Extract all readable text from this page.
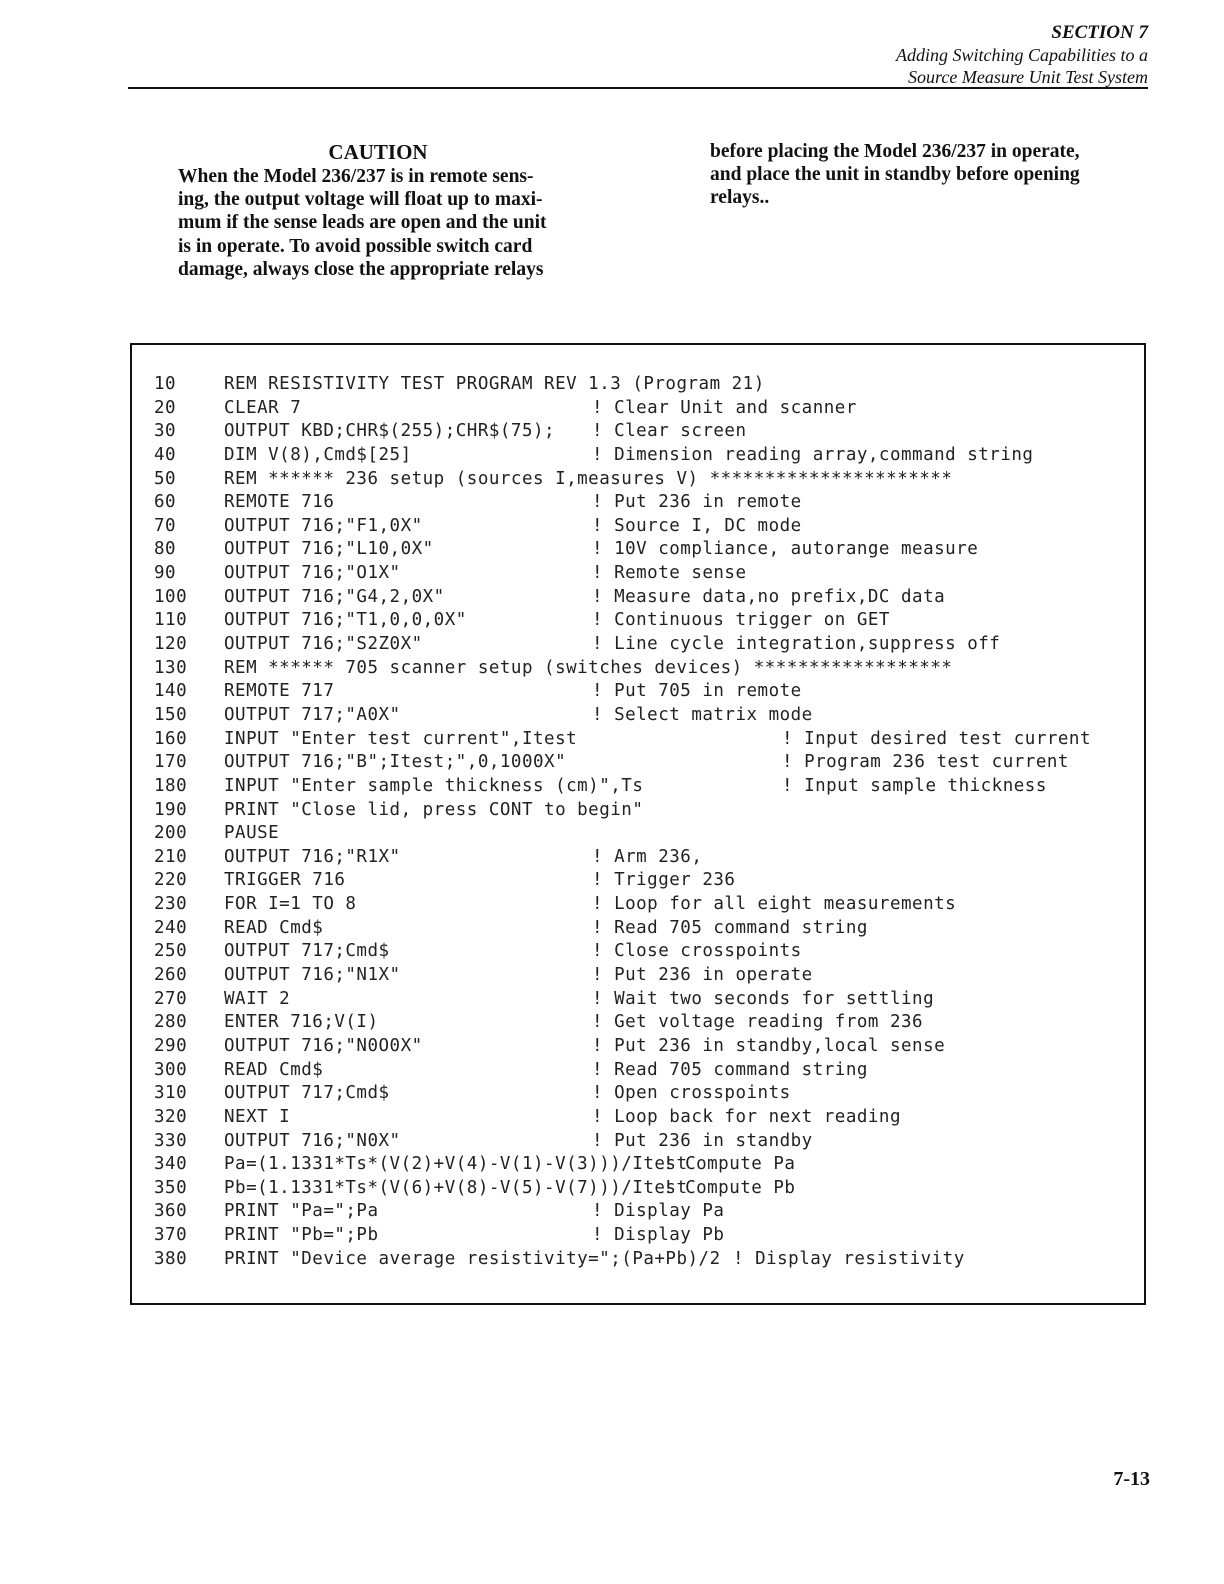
SECTION 7
Adding Switching Capabilities to a
Source Measure Unit Test System
CAUTION
When the Model 236/237 is in remote sens-
ing, the output voltage will float up to maxi-
mum if the sense leads are open and the unit
is in operate. To avoid possible switch card
damage, always close the appropriate relays
before placing the Model 236/237 in operate,
and place the unit in standby before opening
relays..
10	REM RESISTIVITY TEST PROGRAM REV 1.3 (Program 21)
20	CLEAR 7	! Clear Unit and scanner
30	OUTPUT KBD;CHR$(255);CHR$(75); ! Clear screen
40	DIM V(8),Cmd$[25]	! Dimension reading array,command string
50	REM ****** 236 setup (sources I,measures V) **********************
60	REMOTE 716	! Put 236 in remote
70	OUTPUT 716;"F1,0X"	! Source I, DC mode
80	OUTPUT 716;"L10,0X"	! 10V compliance, autorange measure
90	OUTPUT 716;"O1X"	! Remote sense
100 OUTPUT 716;"G4,2,0X"	! Measure data,no prefix,DC data
110 OUTPUT 716;"T1,0,0,0X"	! Continuous trigger on GET
120 OUTPUT 716;"S2Z0X"	! Line cycle integration,suppress off
130 REM ****** 705 scanner setup (switches devices) ******************
140 REMOTE 717	! Put 705 in remote
150 OUTPUT 717;"A0X"	! Select matrix mode
160 INPUT "Enter test current",Itest	! Input desired test current
170 OUTPUT 716;"B";Itest;",0,1000X"	! Program 236 test current
180 INPUT "Enter sample thickness (cm)",Ts	! Input sample thickness
190 PRINT "Close lid, press CONT to begin"
200 PAUSE
210 OUTPUT 716;"R1X"	! Arm 236,
220 TRIGGER 716	! Trigger 236
230 FOR I=1 TO 8	! Loop for all eight measurements
240 READ Cmd$	! Read 705 command string
250 OUTPUT 717;Cmd$	! Close crosspoints
260 OUTPUT 716;"N1X"	! Put 236 in operate
270 WAIT 2	! Wait two seconds for settling
280 ENTER 716;V(I)	! Get voltage reading from 236
290 OUTPUT 716;"N0O0X"	! Put 236 in standby,local sense
300 READ Cmd$	! Read 705 command string
310 OUTPUT 717;Cmd$	! Open crosspoints
320 NEXT I	! Loop back for next reading
330 OUTPUT 716;"N0X"	! Put 236 in standby
340 Pa=(1.1331*Ts*(V(2)+V(4)-V(1)-V(3)))/Itest
! Compute Pa
350 Pb=(1.1331*Ts*(V(6)+V(8)-V(5)-V(7)))/Itest
! Compute Pb
360 PRINT "Pa=";Pa	! Display Pa
370 PRINT "Pb=";Pb	! Display Pb
380 PRINT "Device average resistivity=";(Pa+Pb)/2 ! Display resistivity
7-13
